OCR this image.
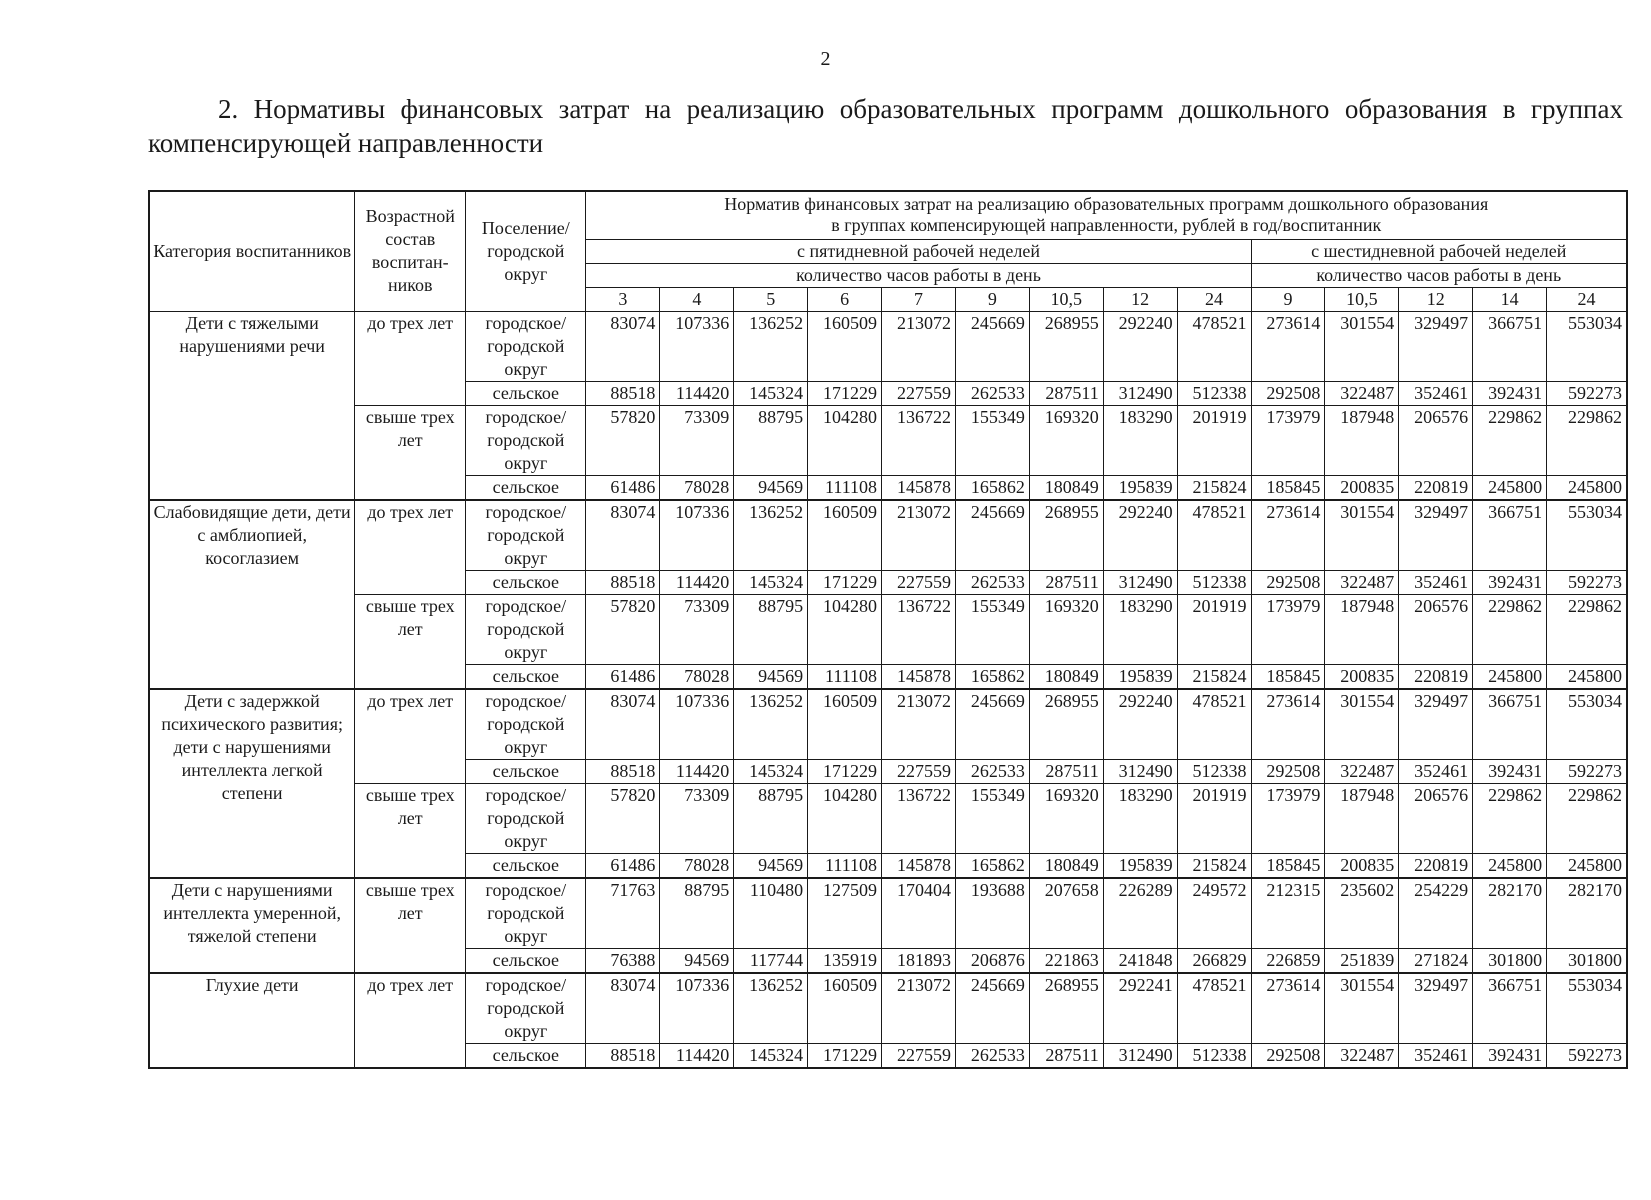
2
2. Нормативы финансовых затрат на реализацию образовательных программ дошкольного образования в группах компенсирующей направленности
Категория воспитанников	Возрастной состав воспитан-ников	Поселение/ городской округ	Норматив финансовых затрат на реализацию образовательных программ дошкольного образования
в группах компенсирующей направленности, рублей в год/воспитанник													

			с пятидневной рабочей неделей									с шестидневной рабочей неделей				
			количество часов работы в день									количество часов работы в день				
			3	4	5	6	7	9	10,5	12	24	9	10,5	12	14	24
Дети с тяжелыми нарушениями речи	до трех лет	городское/ городской округ	83074	107336	136252	160509	213072	245669	268955	292240	478521	273614	301554	329497	366751	553034
		сельское	88518	114420	145324	171229	227559	262533	287511	312490	512338	292508	322487	352461	392431	592273
	свыше трех лет	городское/ городской округ	57820	73309	88795	104280	136722	155349	169320	183290	201919	173979	187948	206576	229862	229862
		сельское	61486	78028	94569	111108	145878	165862	180849	195839	215824	185845	200835	220819	245800	245800
Слабовидящие дети, дети с амблиопией, косоглазием	до трех лет	городское/ городской округ	83074	107336	136252	160509	213072	245669	268955	292240	478521	273614	301554	329497	366751	553034
		сельское	88518	114420	145324	171229	227559	262533	287511	312490	512338	292508	322487	352461	392431	592273
	свыше трех лет	городское/ городской округ	57820	73309	88795	104280	136722	155349	169320	183290	201919	173979	187948	206576	229862	229862
		сельское	61486	78028	94569	111108	145878	165862	180849	195839	215824	185845	200835	220819	245800	245800
Дети с задержкой психического развития; дети с нарушениями интеллекта легкой степени	до трех лет	городское/ городской округ	83074	107336	136252	160509	213072	245669	268955	292240	478521	273614	301554	329497	366751	553034
		сельское	88518	114420	145324	171229	227559	262533	287511	312490	512338	292508	322487	352461	392431	592273
	свыше трех лет	городское/ городской округ	57820	73309	88795	104280	136722	155349	169320	183290	201919	173979	187948	206576	229862	229862
		сельское	61486	78028	94569	111108	145878	165862	180849	195839	215824	185845	200835	220819	245800	245800
Дети с нарушениями интеллекта умеренной, тяжелой степени	свыше трех лет	городское/ городской округ	71763	88795	110480	127509	170404	193688	207658	226289	249572	212315	235602	254229	282170	282170
		сельское	76388	94569	117744	135919	181893	206876	221863	241848	266829	226859	251839	271824	301800	301800
Глухие дети	до трех лет	городское/ городской округ	83074	107336	136252	160509	213072	245669	268955	292241	478521	273614	301554	329497	366751	553034
		сельское	88518	114420	145324	171229	227559	262533	287511	312490	512338	292508	322487	352461	392431	592273
